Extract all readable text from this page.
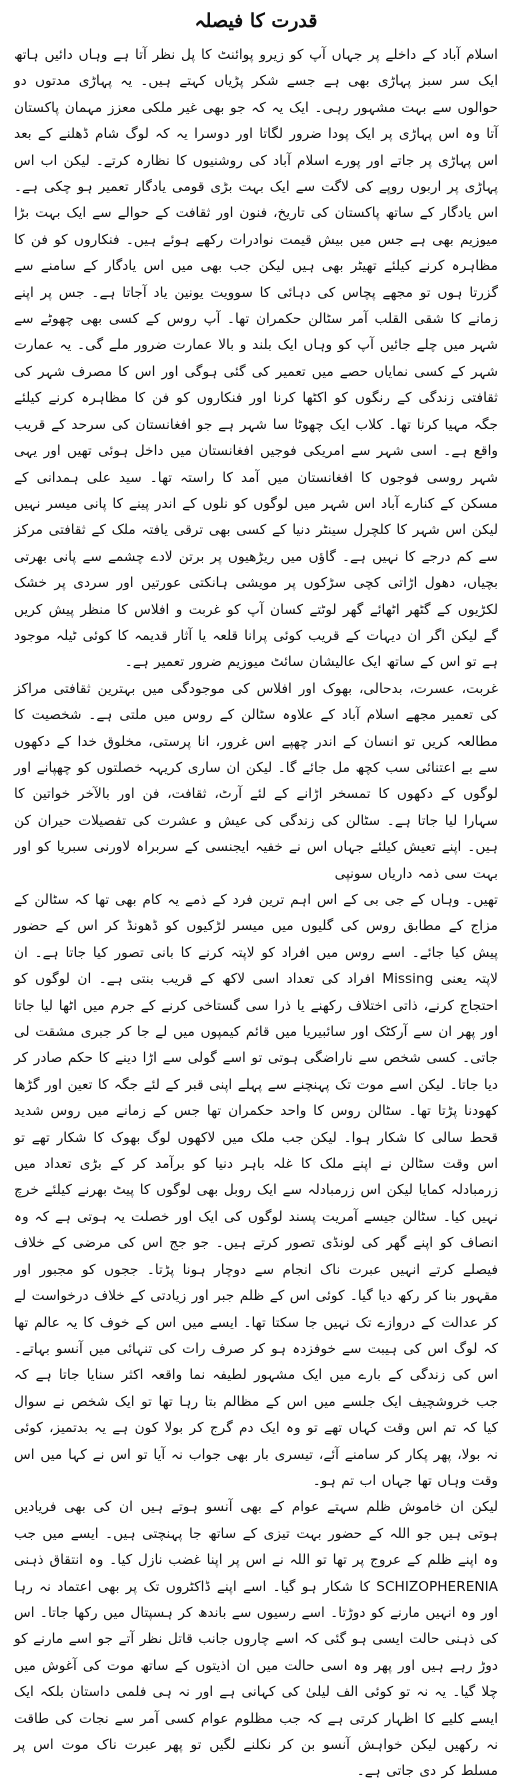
قدرت کا فیصلہ

اسلام آباد کے داخلے پر جہاں آپ کو زیرو پوائنٹ کا پل نظر آتا ہے وہاں دائیں ہاتھ ایک سر سبز پہاڑی بھی ہے جسے شکر پڑیاں کہتے ہیں۔ یہ پہاڑی مدتوں دو حوالوں سے بہت مشہور رہی۔ ایک یہ کہ جو بھی غیر ملکی معزز مہمان پاکستان آتا وہ اس پہاڑی پر ایک پودا ضرور لگاتا اور دوسرا یہ کہ لوگ شام ڈھلنے کے بعد اس پہاڑی پر جاتے اور پورے اسلام آباد کی روشنیوں کا نظارہ کرتے۔ لیکن اب اس پہاڑی پر اربوں روپے کی لاگت سے ایک بہت بڑی قومی یادگار تعمیر ہو چکی ہے۔ اس یادگار کے ساتھ پاکستان کی تاریخ، فنون اور ثقافت کے حوالے سے ایک بہت بڑا میوزیم بھی ہے جس میں بیش قیمت نوادرات رکھے ہوئے ہیں۔ فنکاروں کو فن کا مظاہرہ کرنے کیلئے تھیٹر بھی ہیں لیکن جب بھی میں اس یادگار کے سامنے سے گزرتا ہوں تو مجھے پچاس کی دہائی کا سوویت یونین یاد آجاتا ہے۔ جس پر اپنے زمانے کا شقی القلب آمر سٹالن حکمران تھا۔ آپ روس کے کسی بھی چھوٹے سے شہر میں چلے جائیں آپ کو وہاں ایک بلند و بالا عمارت ضرور ملے گی۔ یہ عمارت شہر کے کسی نمایاں حصے میں تعمیر کی گئی ہوگی اور اس کا مصرف شہر کی ثقافتی زندگی کے رنگوں کو اکٹھا کرنا اور فنکاروں کو فن کا مظاہرہ کرنے کیلئے جگہ مہیا کرنا تھا۔ کلاب ایک چھوٹا سا شہر ہے جو افغانستان کی سرحد کے قریب واقع ہے۔ اسی شہر سے امریکی فوجیں افغانستان میں داخل ہوئی تھیں اور یہی شہر روسی فوجوں کا افغانستان میں آمد کا راستہ تھا۔ سید علی ہمدانی کے مسکن کے کنارے آباد اس شہر میں لوگوں کو نلوں کے اندر پینے کا پانی میسر نہیں لیکن اس شہر کا کلچرل سینٹر دنیا کے کسی بھی ترقی یافتہ ملک کے ثقافتی مرکز سے کم درجے کا نہیں ہے۔ گاؤں میں ریڑھیوں پر برتن لادے چشمے سے پانی بھرتی بچیاں، دھول اڑاتی کچی سڑکوں پر مویشی ہانکتی عورتیں اور سردی پر خشک لکڑیوں کے گٹھر اٹھائے گھر لوٹتے کسان آپ کو غربت و افلاس کا منظر پیش کریں گے لیکن اگر ان دیہات کے قریب کوئی پرانا قلعہ یا آثار قدیمہ کا کوئی ٹیلہ موجود ہے تو اس کے ساتھ ایک عالیشان سائٹ میوزیم ضرور تعمیر ہے۔

غربت، عسرت، بدحالی، بھوک اور افلاس کی موجودگی میں بہترین ثقافتی مراکز کی تعمیر مجھے اسلام آباد کے علاوہ سٹالن کے روس میں ملتی ہے۔ شخصیت کا مطالعہ کریں تو انسان کے اندر چھپے اس غرور، انا پرستی، مخلوق خدا کے دکھوں سے بے اعتنائی سب کچھ مل جائے گا۔ لیکن ان ساری کریہہ خصلتوں کو چھپانے اور لوگوں کے دکھوں کا تمسخر اڑانے کے لئے آرٹ، ثقافت، فن اور بالآخر خواتین کا سہارا لیا جاتا ہے۔ سٹالن کی زندگی کی عیش و عشرت کی تفصیلات حیران کن ہیں۔ اپنے تعیش کیلئے جہاں اس نے خفیہ ایجنسی کے سربراہ لاورنی سبریا کو اور بہت سی ذمہ داریاں سونپی

تھیں۔ وہاں کے جی بی کے اس اہم ترین فرد کے ذمے یہ کام بھی تھا کہ سٹالن کے مزاج کے مطابق روس کی گلیوں میں میسر لڑکیوں کو ڈھونڈ کر اس کے حضور پیش کیا جائے۔ اسے روس میں افراد کو لاپتہ کرنے کا بانی تصور کیا جاتا ہے۔ ان لاپتہ یعنی Missing افراد کی تعداد اسی لاکھ کے قریب بنتی ہے۔ ان لوگوں کو احتجاج کرنے، ذاتی اختلاف رکھنے یا ذرا سی گستاخی کرنے کے جرم میں اٹھا لیا جاتا اور پھر ان سے آرکٹک اور سائبیریا میں قائم کیمپوں میں لے جا کر جبری مشقت لی جاتی۔ کسی شخص سے ناراضگی ہوتی تو اسے گولی سے اڑا دینے کا حکم صادر کر دیا جاتا۔ لیکن اسے موت تک پہنچنے سے پہلے اپنی قبر کے لئے جگہ کا تعین اور گڑھا کھودنا پڑتا تھا۔ سٹالن روس کا واحد حکمران تھا جس کے زمانے میں روس شدید قحط سالی کا شکار ہوا۔ لیکن جب ملک میں لاکھوں لوگ بھوک کا شکار تھے تو اس وقت سٹالن نے اپنے ملک کا غلہ باہر دنیا کو برآمد کر کے بڑی تعداد میں زرمبادلہ کمایا لیکن اس زرمبادلہ سے ایک روبل بھی لوگوں کا پیٹ بھرنے کیلئے خرچ نہیں کیا۔ سٹالن جیسے آمریت پسند لوگوں کی ایک اور خصلت یہ ہوتی ہے کہ وہ انصاف کو اپنے گھر کی لونڈی تصور کرتے ہیں۔ جو جج اس کی مرضی کے خلاف فیصلے کرتے انہیں عبرت ناک انجام سے دوچار ہونا پڑتا۔ ججوں کو مجبور اور مقہور بنا کر رکھ دیا گیا۔ کوئی اس کے ظلم جبر اور زیادتی کے خلاف درخواست لے کر عدالت کے دروازے تک نہیں جا سکتا تھا۔ ایسے میں اس کے خوف کا یہ عالم تھا کہ لوگ اس کی ہیبت سے خوفزدہ ہو کر صرف رات کی تنہائی میں آنسو بہاتے۔ اس کی زندگی کے بارے میں ایک مشہور لطیفہ نما واقعہ اکثر سنایا جاتا ہے کہ جب خروشچیف ایک جلسے میں اس کے مظالم بتا رہا تھا تو ایک شخص نے سوال کیا کہ تم اس وقت کہاں تھے تو وہ ایک دم گرج کر بولا کون ہے یہ بدتمیز، کوئی نہ بولا، پھر پکار کر سامنے آئے، تیسری بار بھی جواب نہ آیا تو اس نے کہا میں اس وقت وہاں تھا جہاں اب تم ہو۔

لیکن ان خاموش ظلم سہتے عوام کے بھی آنسو ہوتے ہیں ان کی بھی فریادیں ہوتی ہیں جو اللہ کے حضور بہت تیزی کے ساتھ جا پہنچتی ہیں۔ ایسے میں جب وہ اپنے ظلم کے عروج پر تھا تو اللہ نے اس پر اپنا غضب نازل کیا۔ وہ انتقاق ذہنی SCHIZOPHERENIA کا شکار ہو گیا۔ اسے اپنے ڈاکٹروں تک پر بھی اعتماد نہ رہا اور وہ انہیں مارنے کو دوڑتا۔ اسے رسیوں سے باندھ کر ہسپتال میں رکھا جاتا۔ اس کی ذہنی حالت ایسی ہو گئی کہ اسے چاروں جانب قاتل نظر آتے جو اسے مارنے کو دوڑ رہے ہیں اور پھر وہ اسی حالت میں ان اذیتوں کے ساتھ موت کی آغوش میں چلا گیا۔ یہ نہ تو کوئی الف لیلیٰ کی کہانی ہے اور نہ ہی فلمی داستان بلکہ ایک ایسے کلیے کا اظہار کرتی ہے کہ جب مظلوم عوام کسی آمر سے نجات کی طاقت نہ رکھیں لیکن خواہش آنسو بن کر نکلنے لگیں تو پھر عبرت ناک موت اس پر مسلط کر دی جاتی ہے۔
